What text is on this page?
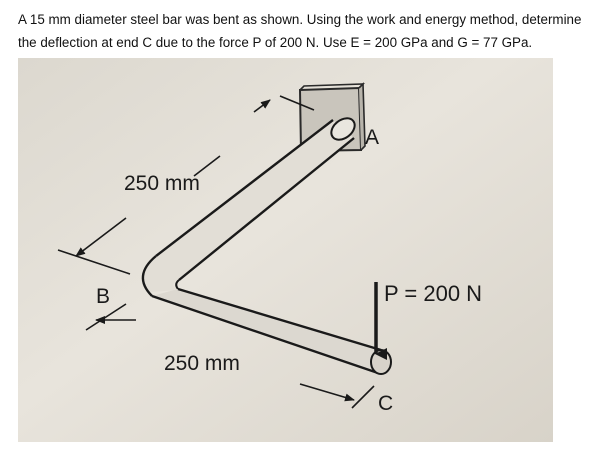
A 15 mm diameter steel bar was bent as shown. Using the work and energy method, determine

the deflection at end C due to the force P of 200 N. Use E = 200 GPa and G = 77 GPa.

250 mm
250 mm
A
B
C
P = 200 N
